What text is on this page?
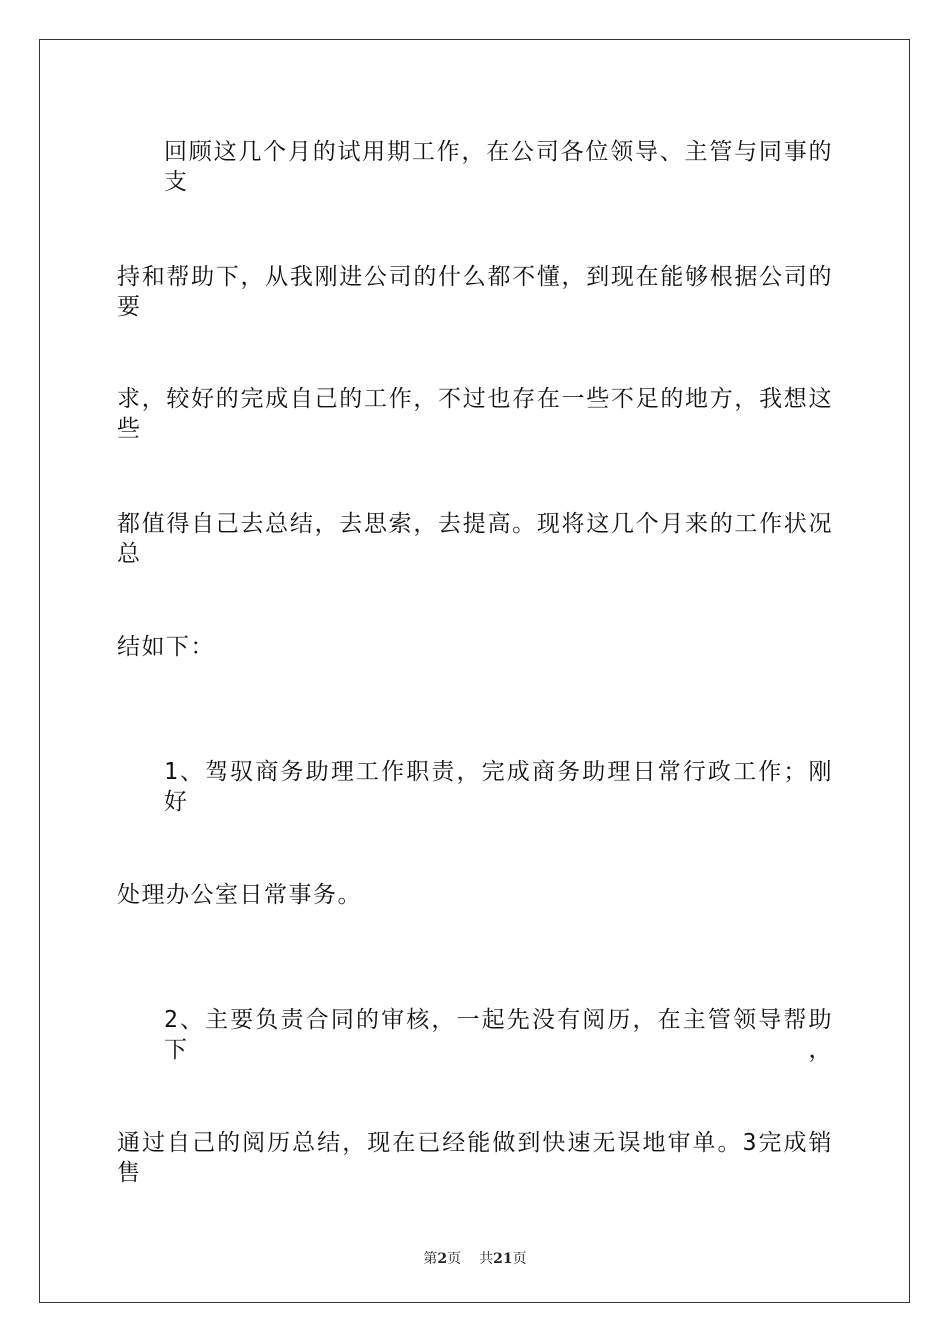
回顾这几个月的试用期工作，在公司各位领导、主管与同事的支
持和帮助下，从我刚进公司的什么都不懂，到现在能够根据公司的要
求，较好的完成自己的工作，不过也存在一些不足的地方，我想这些
都值得自己去总结，去思索，去提高。现将这几个月来的工作状况总
结如下：
1、驾驭商务助理工作职责，完成商务助理日常行政工作；刚好
处理办公室日常事务。
2、主要负责合同的审核，一起先没有阅历，在主管领导帮助下，
通过自己的阅历总结，现在已经能做到快速无误地审单。3完成销售
第2页 共21页
